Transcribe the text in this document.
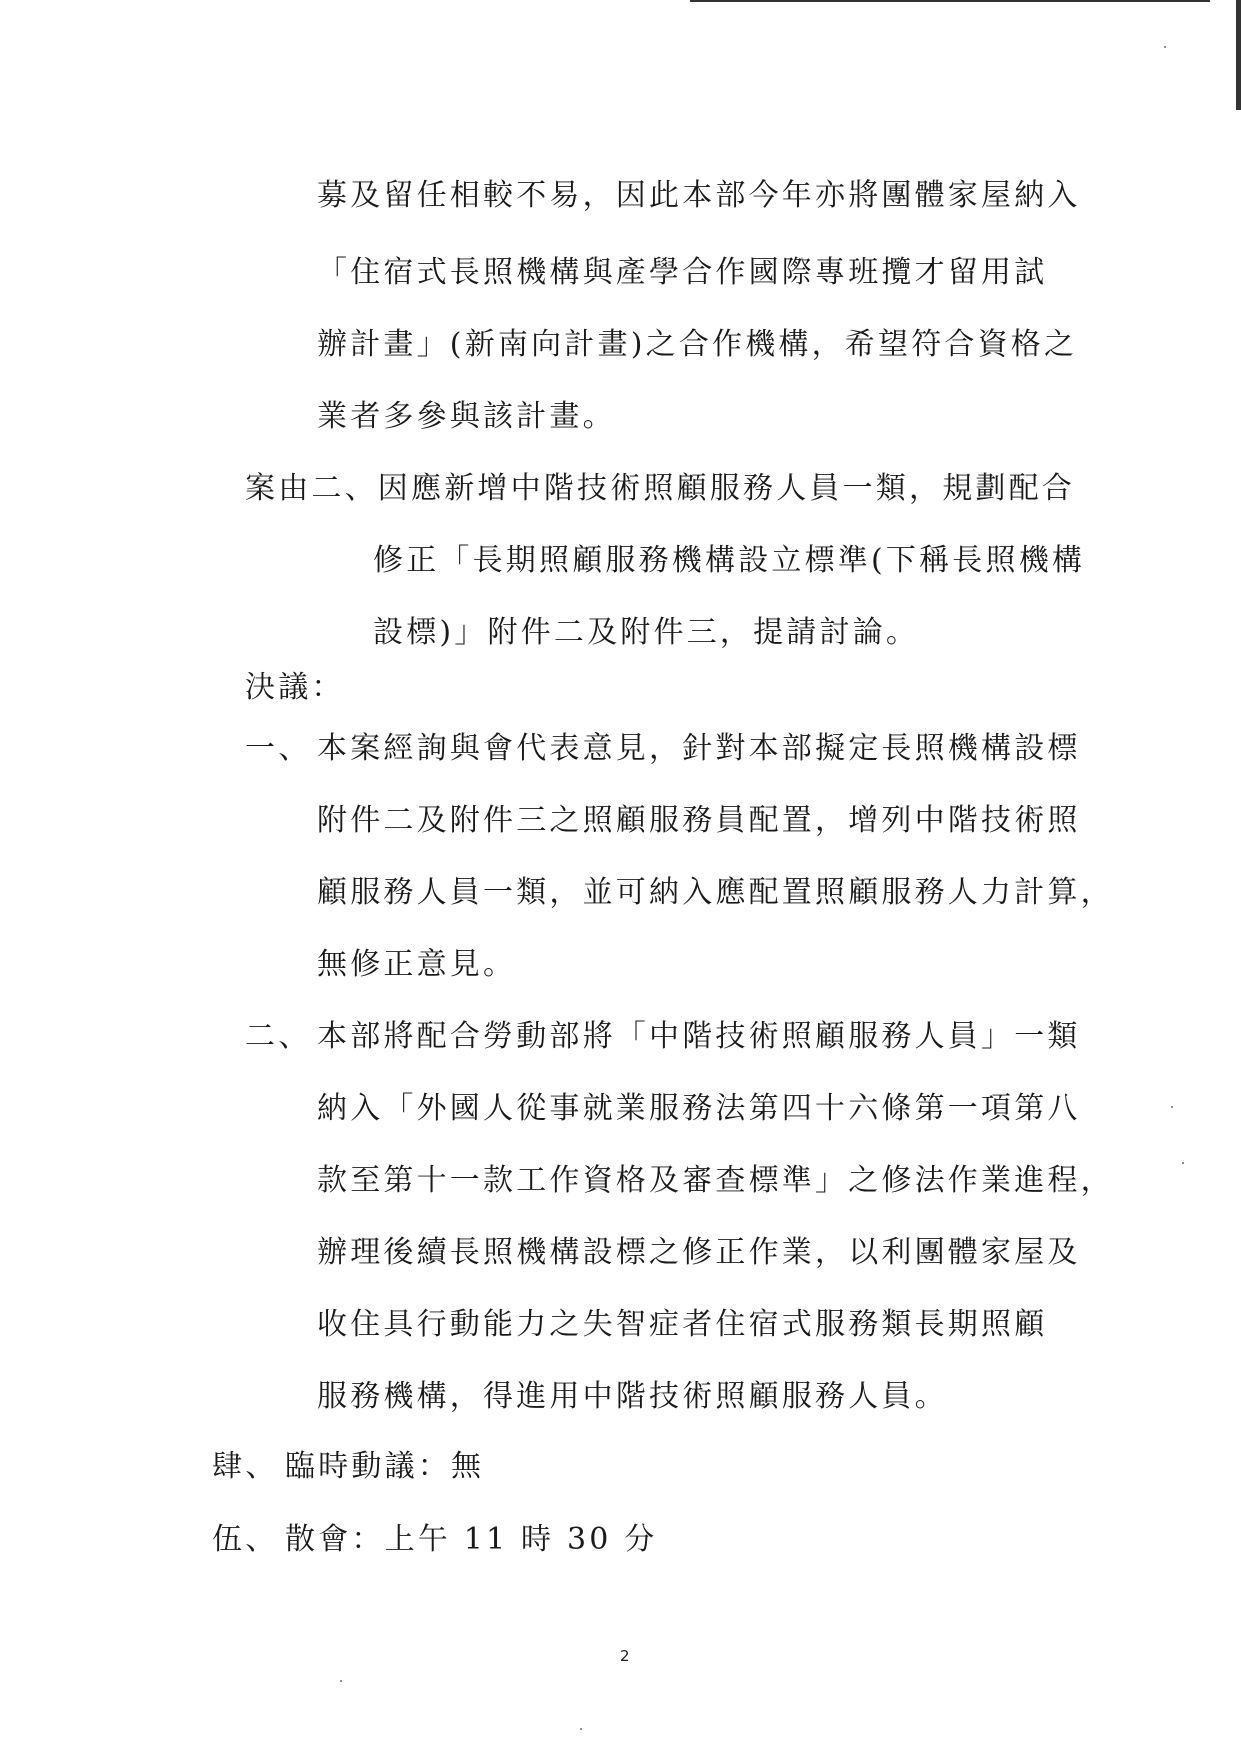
募及留任相較不易，因此本部今年亦將團體家屋納入
「住宿式長照機構與產學合作國際專班攬才留用試
辦計畫」(新南向計畫)之合作機構，希望符合資格之
業者多參與該計畫。
案由二、因應新增中階技術照顧服務人員一類，規劃配合
修正「長期照顧服務機構設立標準(下稱長照機構
設標)」附件二及附件三，提請討論。
決議：
一、 本案經詢與會代表意見，針對本部擬定長照機構設標
附件二及附件三之照顧服務員配置，增列中階技術照
顧服務人員一類，並可納入應配置照顧服務人力計算，
無修正意見。
二、 本部將配合勞動部將「中階技術照顧服務人員」一類
納入「外國人從事就業服務法第四十六條第一項第八
款至第十一款工作資格及審查標準」之修法作業進程，
辦理後續長照機構設標之修正作業，以利團體家屋及
收住具行動能力之失智症者住宿式服務類長期照顧
服務機構，得進用中階技術照顧服務人員。
肆、 臨時動議：無
伍、 散會：上午 11 時 30 分
2
